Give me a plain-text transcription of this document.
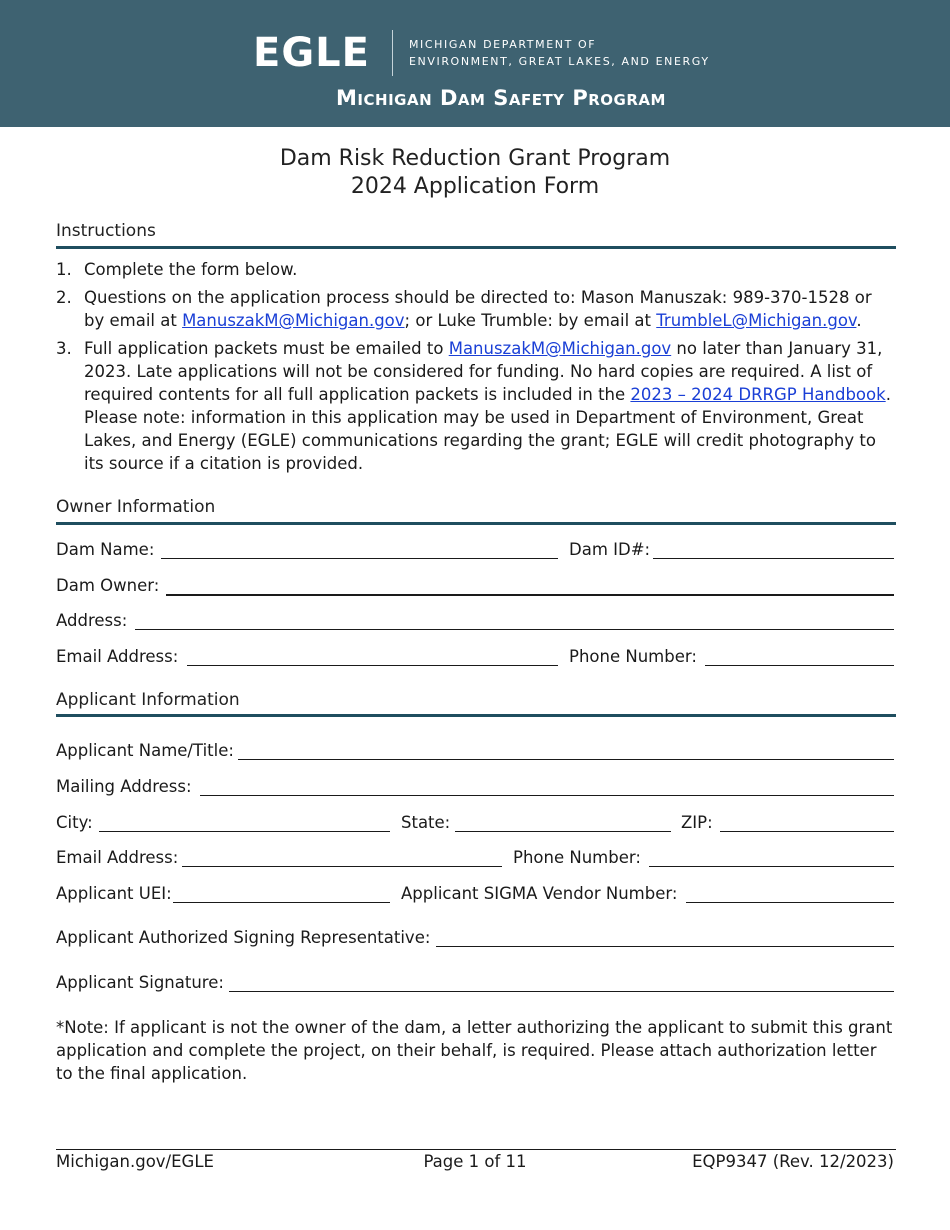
EGLE	MICHIGAN DEPARTMENT OF
ENVIRONMENT, GREAT LAKES, AND ENERGY
Michigan Dam Safety Program
Dam Risk Reduction Grant Program
2024 Application Form
Instructions
1. Complete the form below.
2. Questions on the application process should be directed to: Mason Manuszak: 989-370-1528 or by email at ManuszakM@Michigan.gov; or Luke Trumble: by email at TrumbleL@Michigan.gov.
3. Full application packets must be emailed to ManuszakM@Michigan.gov no later than January 31, 2023. Late applications will not be considered for funding. No hard copies are required. A list of required contents for all full application packets is included in the 2023 – 2024 DRRGP Handbook. Please note: information in this application may be used in Department of Environment, Great Lakes, and Energy (EGLE) communications regarding the grant; EGLE will credit photography to its source if a citation is provided.
Owner Information
Dam Name:	Dam ID#:
Dam Owner:
Address:
Email Address:	Phone Number:
Applicant Information
Applicant Name/Title:
Mailing Address:
City:	State:	ZIP:
Email Address:	Phone Number:
Applicant UEI:	Applicant SIGMA Vendor Number:
Applicant Authorized Signing Representative:
Applicant Signature:
*Note: If applicant is not the owner of the dam, a letter authorizing the applicant to submit this grant application and complete the project, on their behalf, is required. Please attach authorization letter to the final application.
Michigan.gov/EGLE	Page 1 of 11	EQP9347 (Rev. 12/2023)
